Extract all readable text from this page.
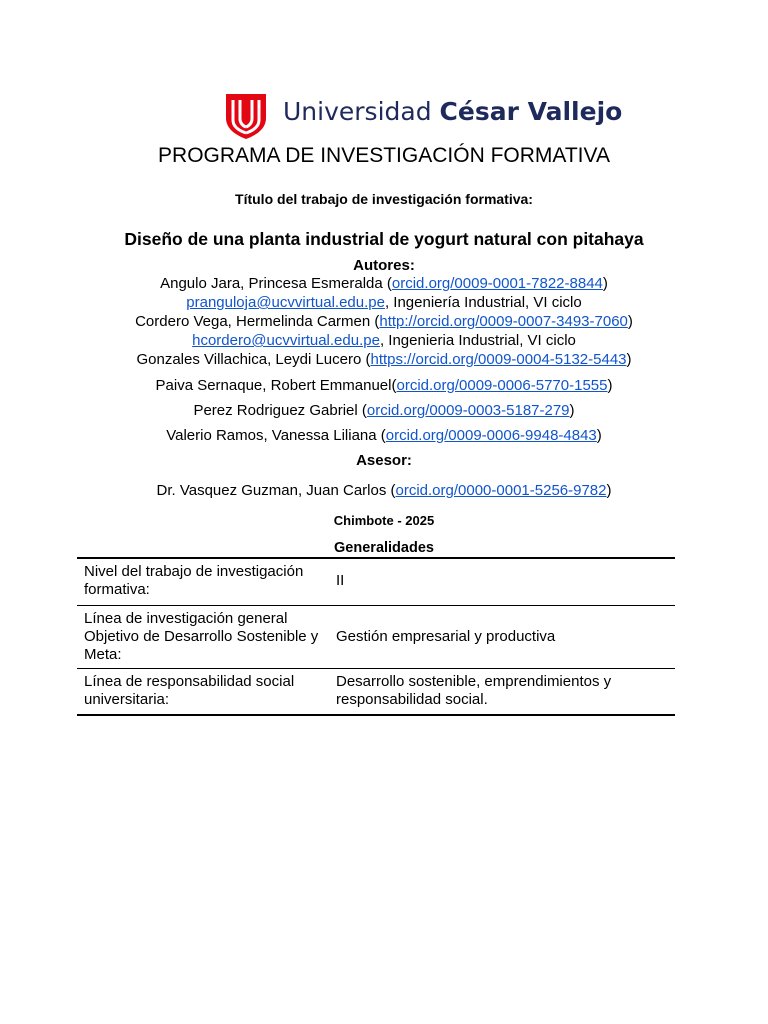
Universidad César Vallejo
PROGRAMA DE INVESTIGACIÓN FORMATIVA
Título del trabajo de investigación formativa:
Diseño de una planta industrial de yogurt natural con pitahaya
Autores:
Angulo Jara, Princesa Esmeralda (orcid.org/0009-0001-7822-8844)
pranguloja@ucvvirtual.edu.pe, Ingeniería Industrial, VI ciclo
Cordero Vega, Hermelinda Carmen (http://orcid.org/0009-0007-3493-7060)
hcordero@ucvvirtual.edu.pe, Ingenieria Industrial, VI ciclo
Gonzales Villachica, Leydi Lucero (https://orcid.org/0009-0004-5132-5443)
Paiva Sernaque, Robert Emmanuel(orcid.org/0009-0006-5770-1555)
Perez Rodriguez Gabriel (orcid.org/0009-0003-5187-279)
Valerio Ramos, Vanessa Liliana (orcid.org/0009-0006-9948-4843)
Asesor:
Dr. Vasquez Guzman, Juan Carlos (orcid.org/0000-0001-5256-9782)
Chimbote - 2025
Generalidades
Nivel del trabajo de investigación formativa:	II
Línea de investigación general Objetivo de Desarrollo Sostenible y Meta:	Gestión empresarial y productiva
Línea de responsabilidad social universitaria:	Desarrollo sostenible, emprendimientos y responsabilidad social.
